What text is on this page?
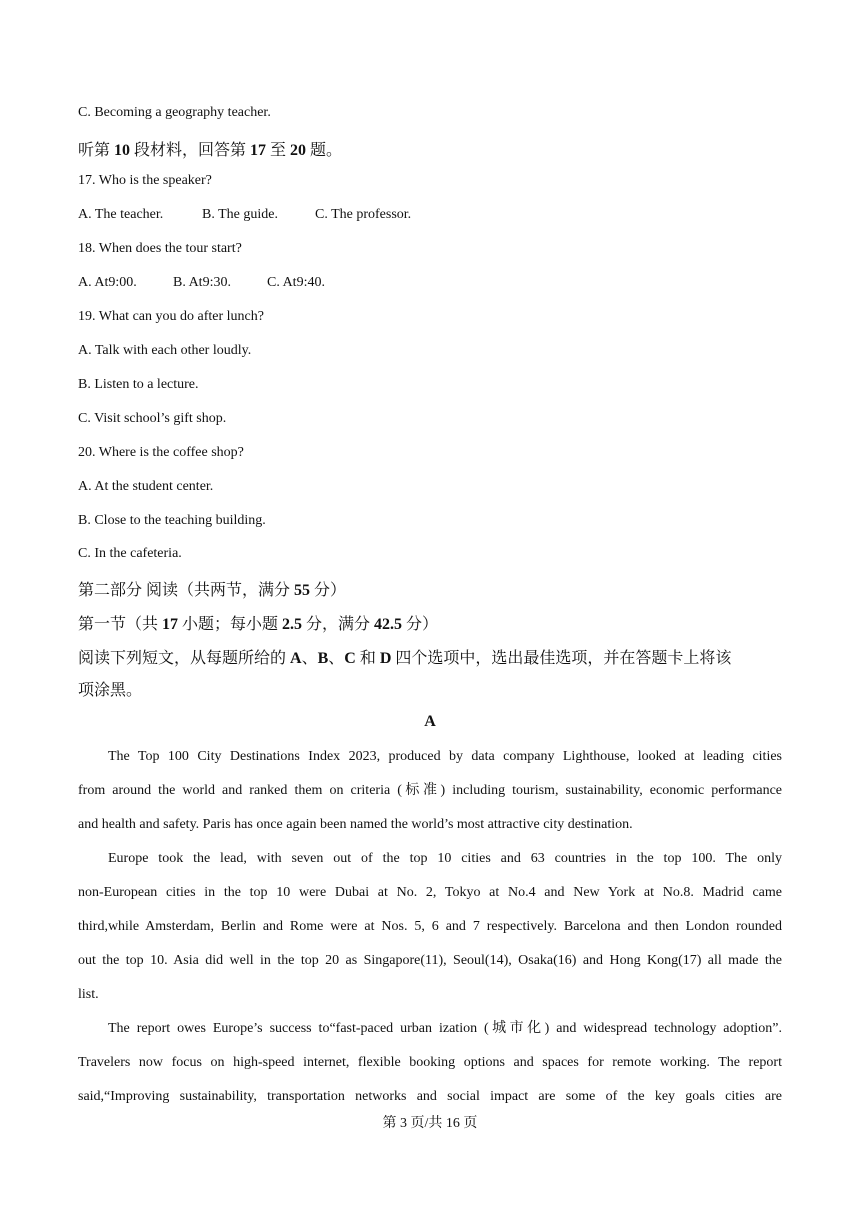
C. Becoming a geography teacher.
听第 10 段材料，回答第 17 至 20 题。
17. Who is the speaker?
A. The teacher.	B. The guide.	C. The professor.
18. When does the tour start?
A. At9:00.	B. At9:30.	C. At9:40.
19. What can you do after lunch?
A. Talk with each other loudly.
B. Listen to a lecture.
C. Visit school’s gift shop.
20. Where is the coffee shop?
A. At the student center.
B. Close to the teaching building.
C. In the cafeteria.
第二部分 阅读（共两节，满分 55 分）
第一节（共 17 小题；每小题 2.5 分，满分 42.5 分）
阅读下列短文，从每题所给的 A、B、C 和 D 四个选项中，选出最佳选项，并在答题卡上将该
项涂黑。
A
The Top 100 City Destinations Index 2023, produced by data company Lighthouse, looked at leading cities
from around the world and ranked them on criteria (标准) including tourism, sustainability, economic performance
and health and safety. Paris has once again been named the world’s most attractive city destination.
Europe took the lead, with seven out of the top 10 cities and 63 countries in the top 100. The only
non-European cities in the top 10 were Dubai at No. 2, Tokyo at No.4 and New York at No.8. Madrid came
third,while Amsterdam, Berlin and Rome were at Nos. 5, 6 and 7 respectively. Barcelona and then London rounded
out the top 10. Asia did well in the top 20 as Singapore(11), Seoul(14), Osaka(16) and Hong Kong(17) all made the
list.
The report owes Europe’s success to“fast-paced urban ization (城市化) and widespread technology adoption”.
Travelers now focus on high-speed internet, flexible booking options and spaces for remote working. The report
said,“Improving sustainability, transportation networks and social impact are some of the key goals cities are
第 3 页/共 16 页
